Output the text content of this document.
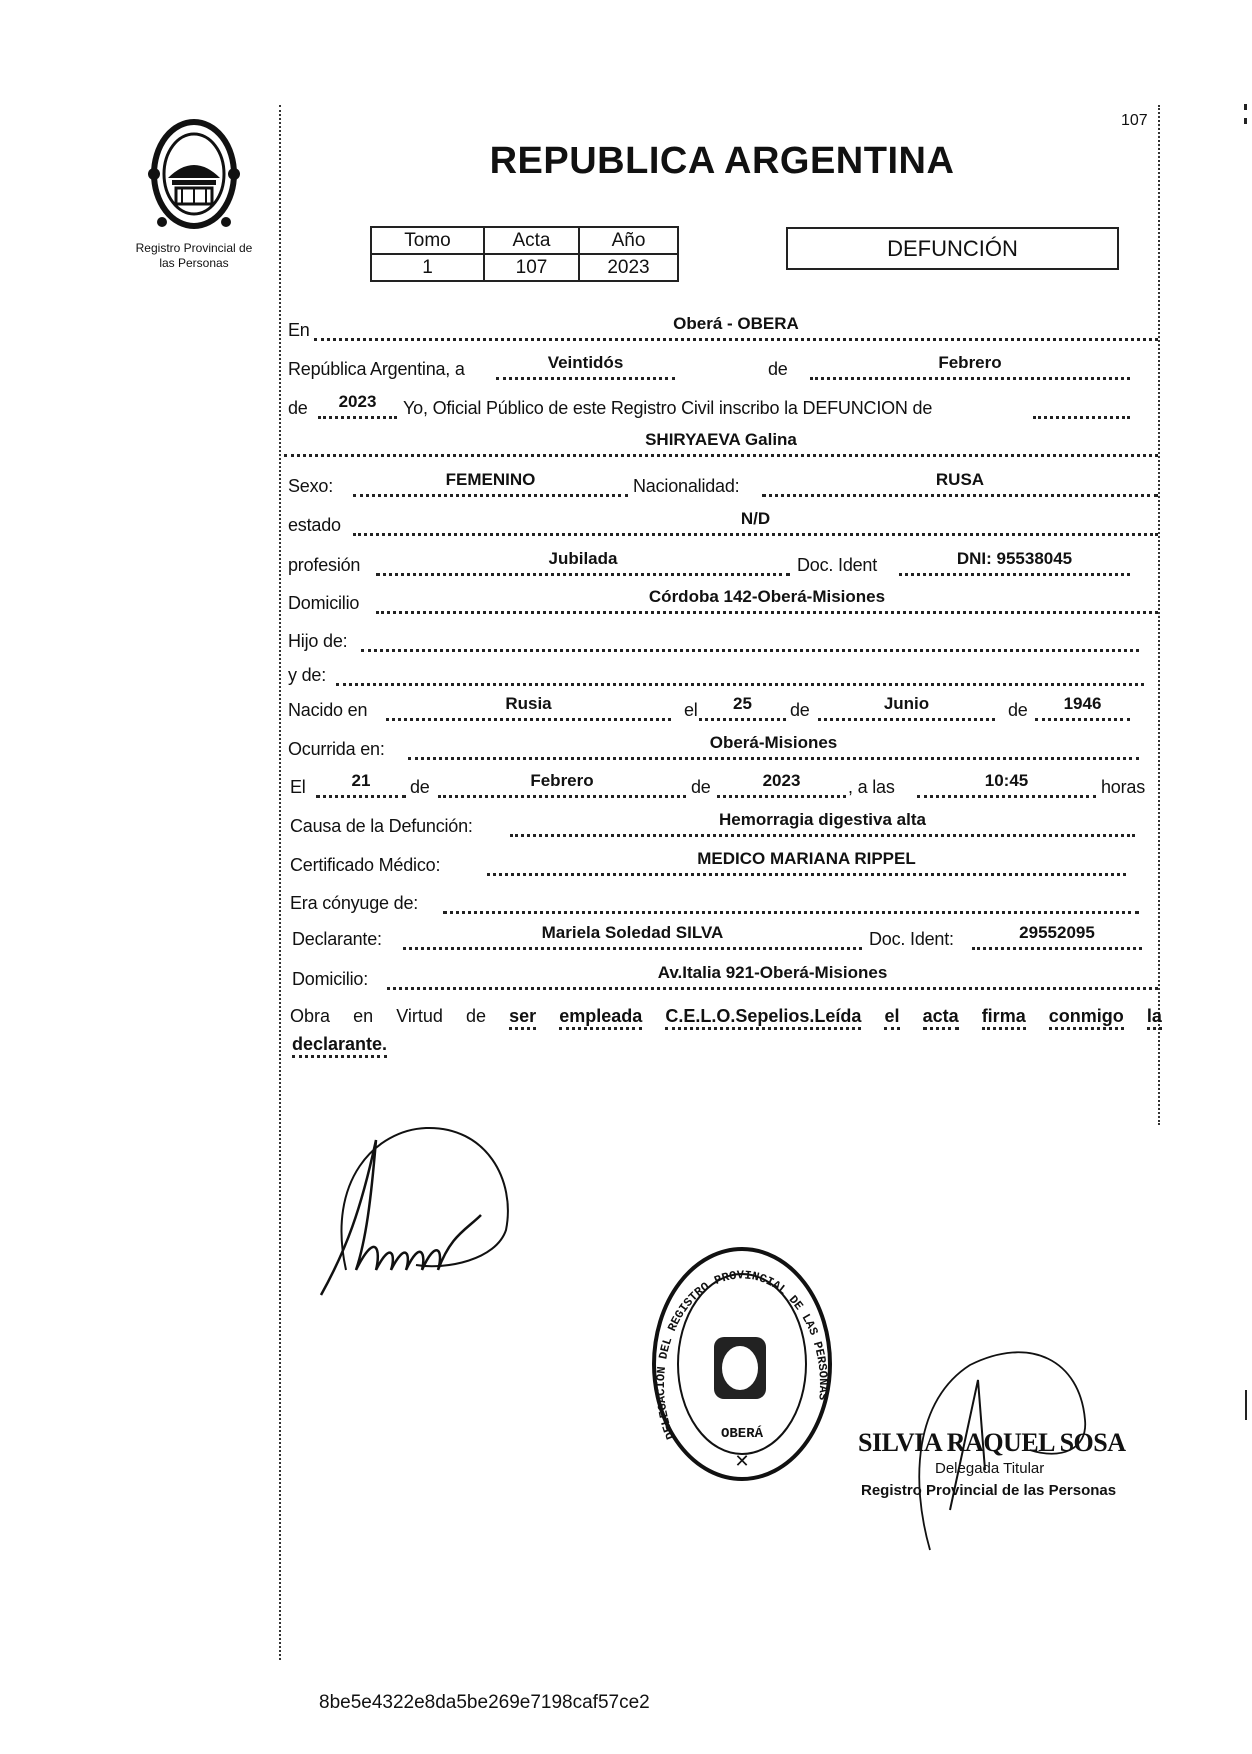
Registro Provincial de
las Personas
107
REPUBLICA ARGENTINA
Tomo	Acta	Año
1	107	2023
DEFUNCIÓN
En	Oberá - OBERA
República Argentina, a	Veintidós	de	Febrero
de	2023	Yo, Oficial Público de este Registro Civil inscribo la DEFUNCION de
SHIRYAEVA Galina
Sexo:	FEMENINO	Nacionalidad:	RUSA
estado	N/D
profesión	Jubilada	Doc. Ident	DNI: 95538045
Domicilio	Córdoba 142-Oberá-Misiones
Hijo de:
y de:
Nacido en	Rusia	el	25	de	Junio	de	1946
Ocurrida en:	Oberá-Misiones
El	21	de	Febrero	de	2023	, a las	10:45	horas
Causa de la Defunción:	Hemorragia digestiva alta
Certificado Médico:	MEDICO MARIANA RIPPEL
Era cónyuge de:
Declarante:	Mariela Soledad SILVA	Doc. Ident:	29552095
Domicilio:	Av.Italia 921-Oberá-Misiones
Obra en Virtud de ser empleada C.E.L.O.Sepelios.Leída el acta firma conmigo la
declarante.
DELEGACION DEL REGISTRO PROVINCIAL DE LAS PERSONAS
OBERÁ
✕
SILVIA RAQUEL SOSA
Delegada Titular
Registro Provincial de las Personas
8be5e4322e8da5be269e7198caf57ce2
